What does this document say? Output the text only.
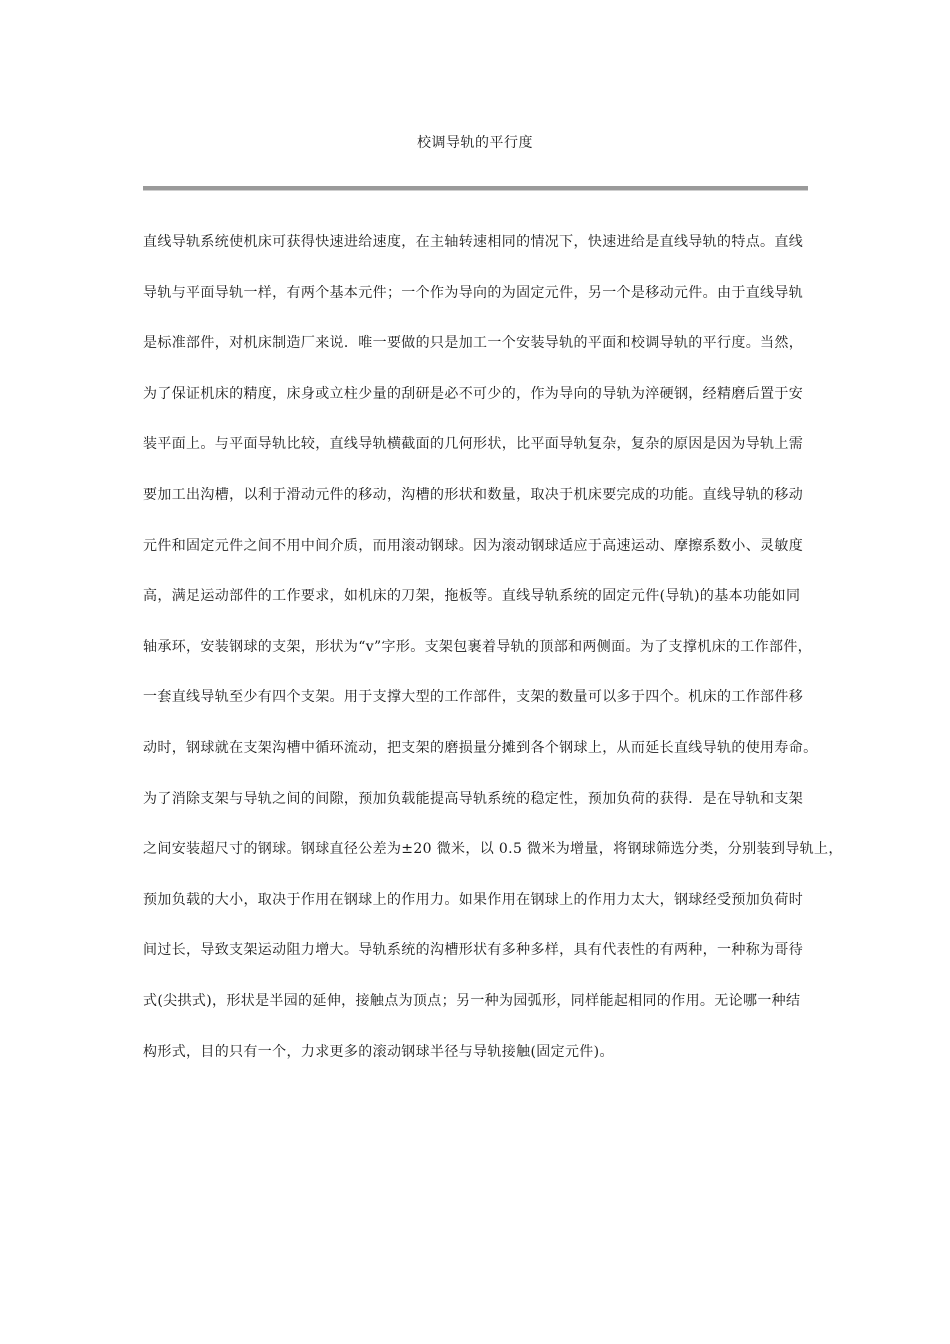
校调导轨的平行度
直线导轨系统使机床可获得快速进给速度，在主轴转速相同的情况下，快速进给是直线导轨的特点。直线
导轨与平面导轨一样，有两个基本元件；一个作为导向的为固定元件，另一个是移动元件。由于直线导轨
是标准部件，对机床制造厂来说．唯一要做的只是加工一个安装导轨的平面和校调导轨的平行度。当然，
为了保证机床的精度，床身或立柱少量的刮研是必不可少的，作为导向的导轨为淬硬钢，经精磨后置于安
装平面上。与平面导轨比较，直线导轨横截面的几何形状，比平面导轨复杂，复杂的原因是因为导轨上需
要加工出沟槽，以利于滑动元件的移动，沟槽的形状和数量，取决于机床要完成的功能。直线导轨的移动
元件和固定元件之间不用中间介质，而用滚动钢球。因为滚动钢球适应于高速运动、摩擦系数小、灵敏度
高，满足运动部件的工作要求，如机床的刀架，拖板等。直线导轨系统的固定元件(导轨)的基本功能如同
轴承环，安装钢球的支架，形状为“v”字形。支架包裹着导轨的顶部和两侧面。为了支撑机床的工作部件，
一套直线导轨至少有四个支架。用于支撑大型的工作部件，支架的数量可以多于四个。机床的工作部件移
动时，钢球就在支架沟槽中循环流动，把支架的磨损量分摊到各个钢球上，从而延长直线导轨的使用寿命。
为了消除支架与导轨之间的间隙，预加负载能提高导轨系统的稳定性，预加负荷的获得．是在导轨和支架
之间安装超尺寸的钢球。钢球直径公差为±20 微米，以 0.5 微米为增量，将钢球筛选分类，分别装到导轨上，
预加负载的大小，取决于作用在钢球上的作用力。如果作用在钢球上的作用力太大，钢球经受预加负荷时
间过长，导致支架运动阻力增大。导轨系统的沟槽形状有多种多样，具有代表性的有两种，一种称为哥待
式(尖拱式)，形状是半园的延伸，接触点为顶点；另一种为园弧形，同样能起相同的作用。无论哪一种结
构形式，目的只有一个，力求更多的滚动钢球半径与导轨接触(固定元件)。
